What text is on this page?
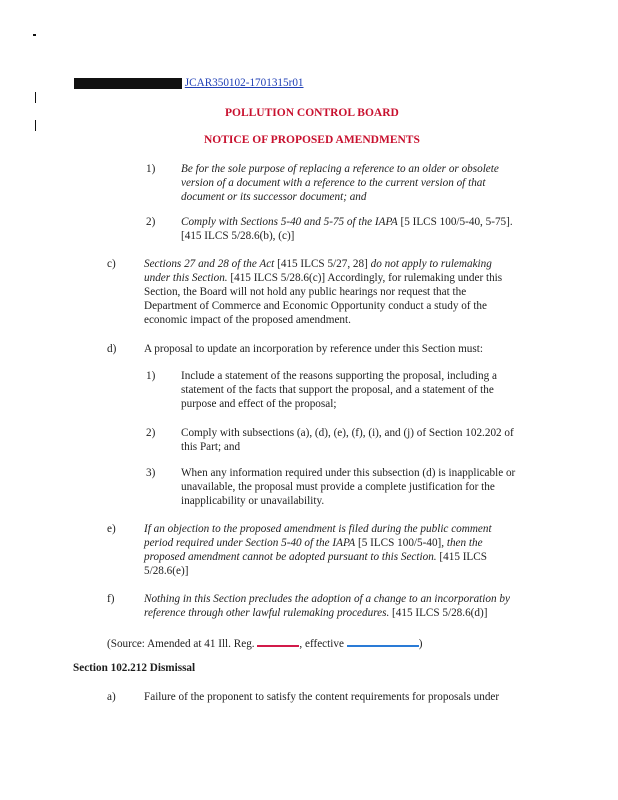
JCAR350102-1701315r01
POLLUTION CONTROL BOARD
NOTICE OF PROPOSED AMENDMENTS
1) Be for the sole purpose of replacing a reference to an older or obsolete
version of a document with a reference to the current version of that
document or its successor document; and
2) Comply with Sections 5-40 and 5-75 of the IAPA [5 ILCS 100/5-40, 5-75].
[415 ILCS 5/28.6(b), (c)]
c)	Sections 27 and 28 of the Act [415 ILCS 5/27, 28] do not apply to rulemaking
under this Section. [415 ILCS 5/28.6(c)] Accordingly, for rulemaking under this
Section, the Board will not hold any public hearings nor request that the
Department of Commerce and Economic Opportunity conduct a study of the
economic impact of the proposed amendment.
d) A proposal to update an incorporation by reference under this Section must:
1) Include a statement of the reasons supporting the proposal, including a
statement of the facts that support the proposal, and a statement of the
purpose and effect of the proposal;
2) Comply with subsections (a), (d), (e), (f), (i), and (j) of Section 102.202 of
this Part; and
3) When any information required under this subsection (d) is inapplicable or
unavailable, the proposal must provide a complete justification for the
inapplicability or unavailability.
e)	If an objection to the proposed amendment is filed during the public comment
period required under Section 5-40 of the IAPA [5 ILCS 100/5-40], then the
proposed amendment cannot be adopted pursuant to this Section. [415 ILCS
5/28.6(e)]
f)	Nothing in this Section precludes the adoption of a change to an incorporation by
reference through other lawful rulemaking procedures. [415 ILCS 5/28.6(d)]
(Source: Amended at 41 Ill. Reg.	, effective	)
Section 102.212 Dismissal
a)	Failure of the proponent to satisfy the content requirements for proposals under
